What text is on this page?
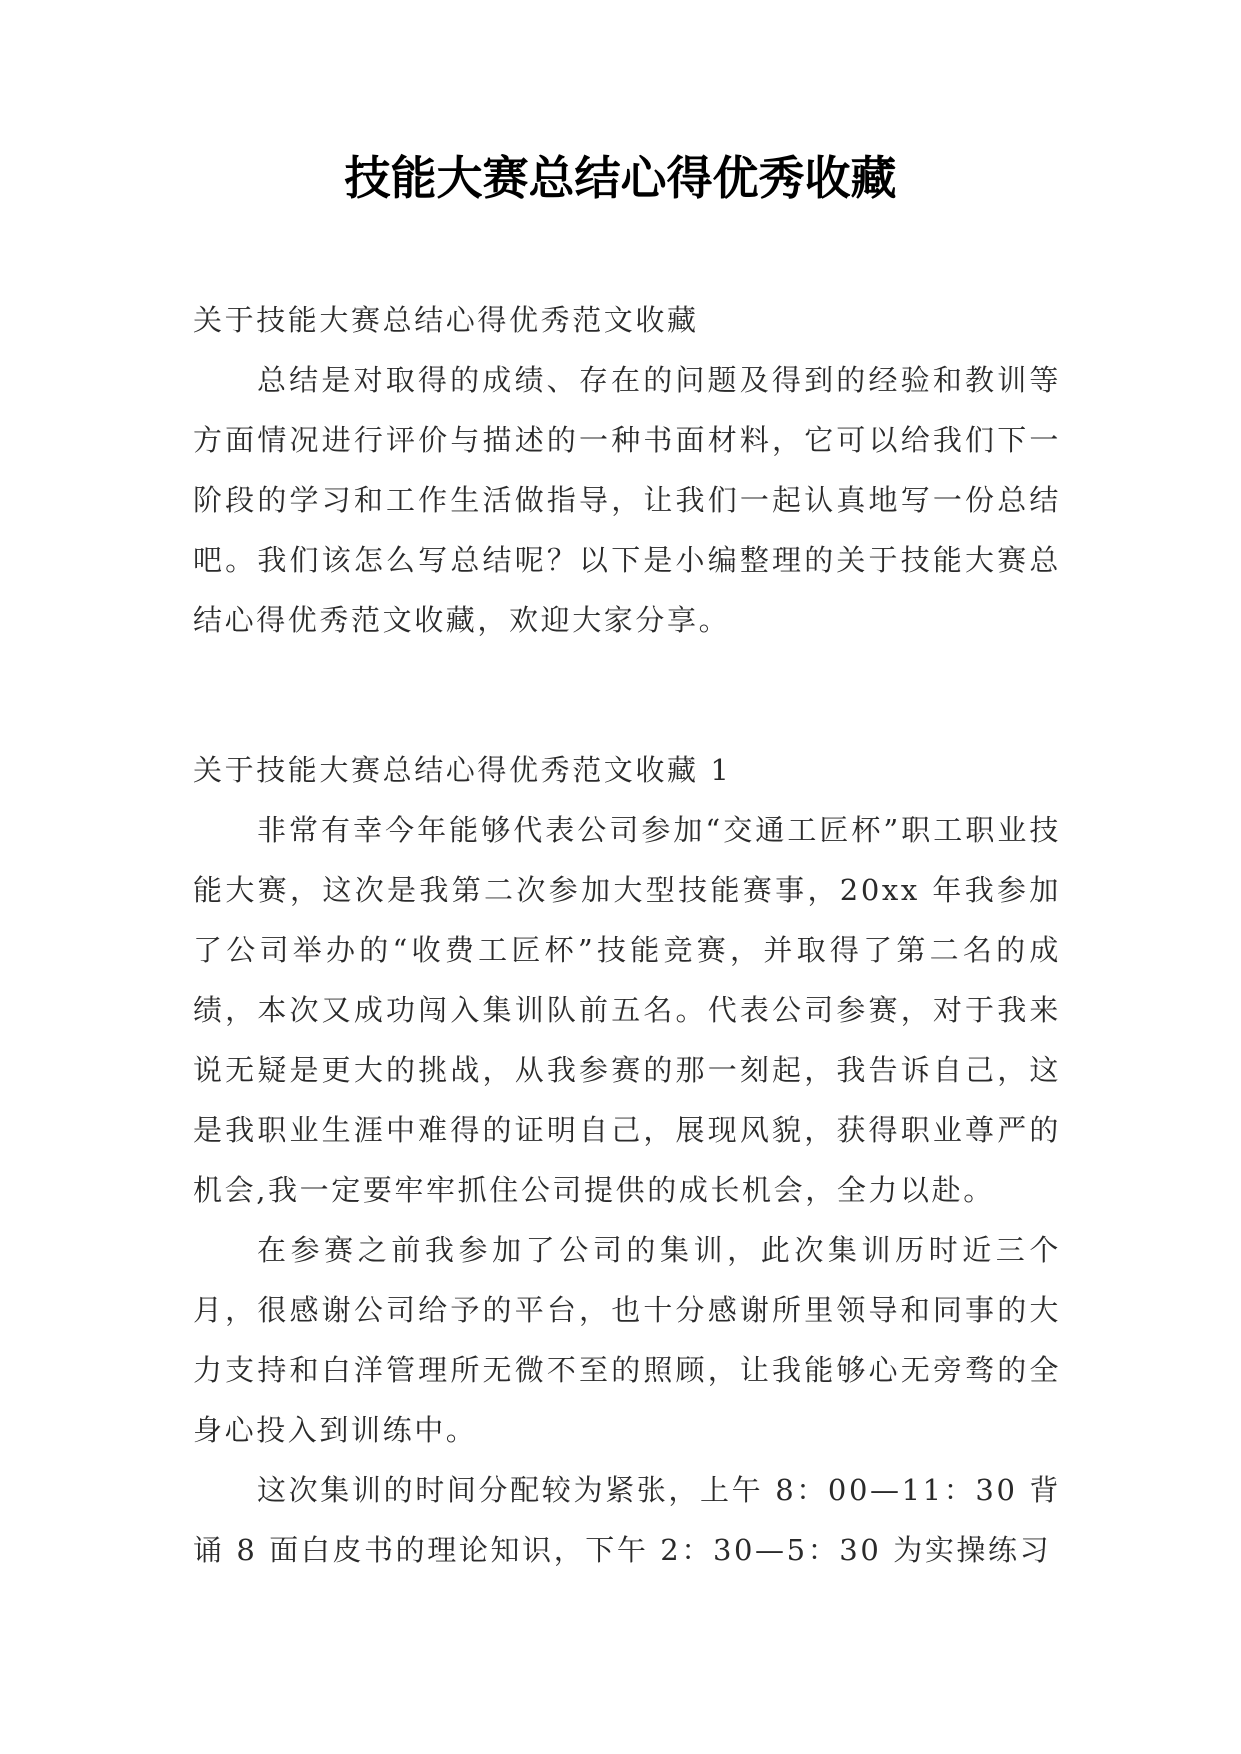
技能大赛总结心得优秀收藏

关于技能大赛总结心得优秀范文收藏

总结是对取得的成绩、存在的问题及得到的经验和教训等方面情况进行评价与描述的一种书面材料，它可以给我们下一阶段的学习和工作生活做指导，让我们一起认真地写一份总结吧。我们该怎么写总结呢？以下是小编整理的关于技能大赛总结心得优秀范文收藏，欢迎大家分享。

关于技能大赛总结心得优秀范文收藏 1

非常有幸今年能够代表公司参加“交通工匠杯”职工职业技能大赛，这次是我第二次参加大型技能赛事，20xx 年我参加了公司举办的“收费工匠杯”技能竞赛，并取得了第二名的成绩，本次又成功闯入集训队前五名。代表公司参赛，对于我来说无疑是更大的挑战，从我参赛的那一刻起，我告诉自己，这是我职业生涯中难得的证明自己，展现风貌，获得职业尊严的机会,我一定要牢牢抓住公司提供的成长机会，全力以赴。

在参赛之前我参加了公司的集训，此次集训历时近三个月，很感谢公司给予的平台，也十分感谢所里领导和同事的大力支持和白洋管理所无微不至的照顾，让我能够心无旁骛的全身心投入到训练中。

这次集训的时间分配较为紧张，上午 8：00—11：30 背诵 8 面白皮书的理论知识，下午 2：30—5：30 为实操练习
